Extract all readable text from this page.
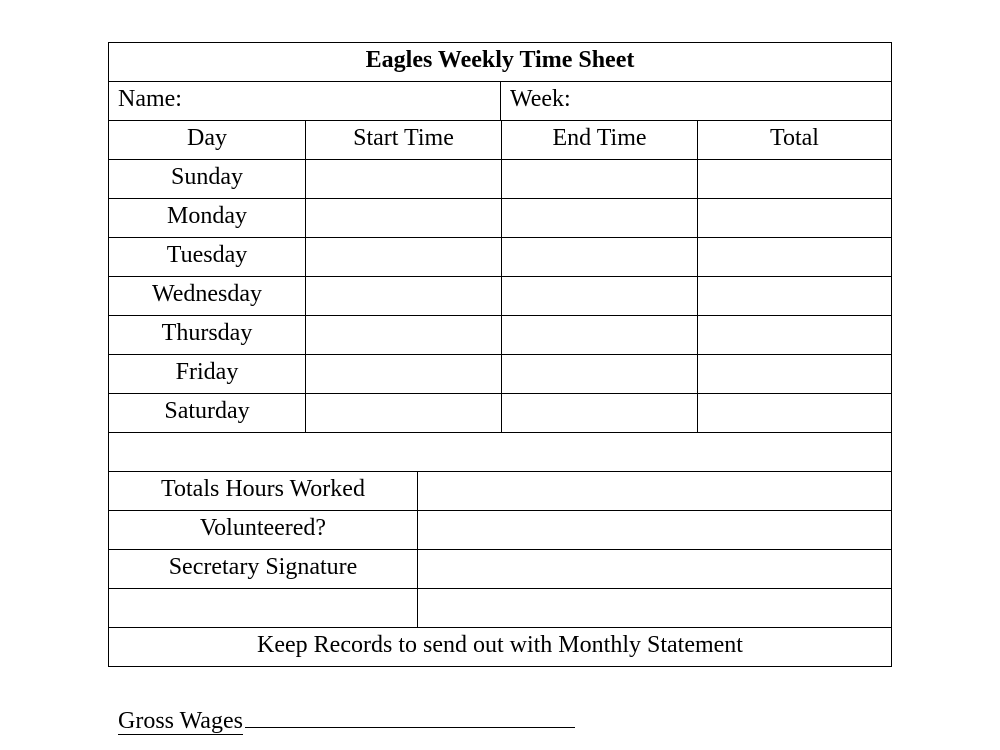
Eagles Weekly Time Sheet
Name:	Week:
Day	Start Time	End Time	Total
Sunday
Monday
Tuesday
Wednesday
Thursday
Friday
Saturday
Totals Hours Worked
Volunteered?
Secretary Signature
Keep Records to send out with Monthly Statement
Gross Wages
